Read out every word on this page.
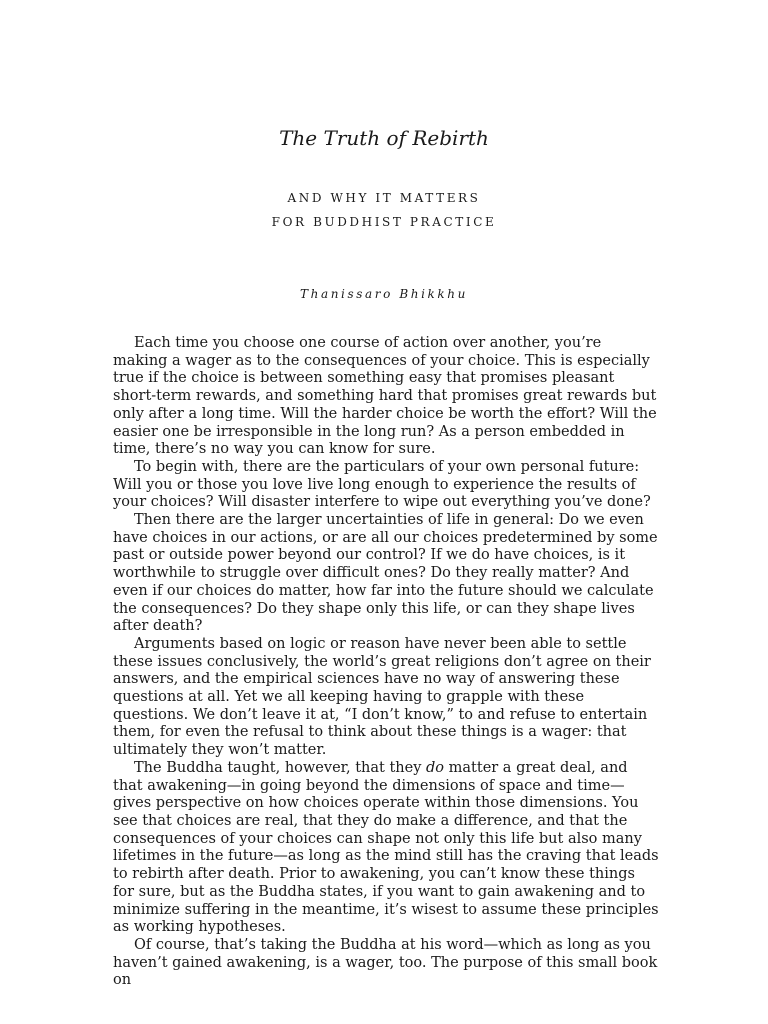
The Truth of Rebirth
AND WHY IT MATTERS
FOR BUDDHIST PRACTICE
Thanissaro Bhikkhu

Each time you choose one course of action over another, you’re making a wager as to the consequences of your choice. This is especially true if the choice is between something easy that promises pleasant short-term rewards, and something hard that promises great rewards but only after a long time. Will the harder choice be worth the effort? Will the easier one be irresponsible in the long run? As a person embedded in time, there’s no way you can know for sure.

To begin with, there are the particulars of your own personal future: Will you or those you love live long enough to experience the results of your choices? Will disaster interfere to wipe out everything you’ve done?

Then there are the larger uncertainties of life in general: Do we even have choices in our actions, or are all our choices predetermined by some past or outside power beyond our control? If we do have choices, is it worthwhile to struggle over difficult ones? Do they really matter? And even if our choices do matter, how far into the future should we calculate the consequences? Do they shape only this life, or can they shape lives after death?

Arguments based on logic or reason have never been able to settle these issues conclusively, the world’s great religions don’t agree on their answers, and the empirical sciences have no way of answering these questions at all. Yet we all keeping having to grapple with these questions. We don’t leave it at, “I don’t know,” to and refuse to entertain them, for even the refusal to think about these things is a wager: that ultimately they won’t matter.

The Buddha taught, however, that they do matter a great deal, and that awakening—in going beyond the dimensions of space and time—gives perspective on how choices operate within those dimensions. You see that choices are real, that they do make a difference, and that the consequences of your choices can shape not only this life but also many lifetimes in the future—as long as the mind still has the craving that leads to rebirth after death. Prior to awakening, you can’t know these things for sure, but as the Buddha states, if you want to gain awakening and to minimize suffering in the meantime, it’s wisest to assume these principles as working hypotheses.

Of course, that’s taking the Buddha at his word—which as long as you haven’t gained awakening, is a wager, too. The purpose of this small book on
